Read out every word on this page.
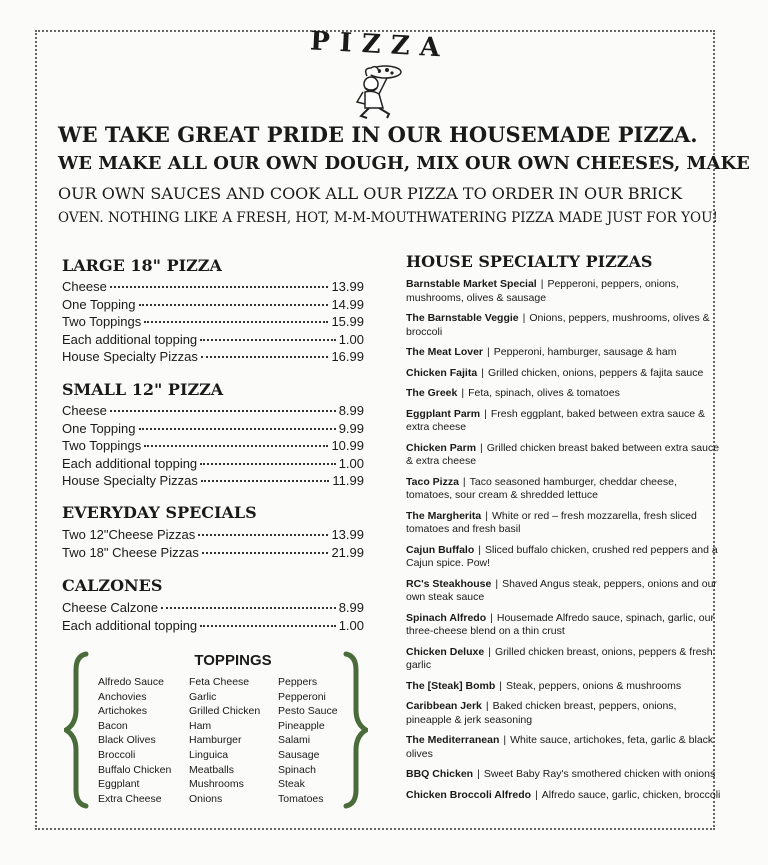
PIZZA
WE TAKE GREAT PRIDE IN OUR HOUSEMADE PIZZA.
WE MAKE ALL OUR OWN DOUGH, MIX OUR OWN CHEESES, MAKE
OUR OWN SAUCES AND COOK ALL OUR PIZZA TO ORDER IN OUR BRICK
OVEN. NOTHING LIKE A FRESH, HOT, M-M-MOUTHWATERING PIZZA MADE JUST FOR YOU!
LARGE 18" PIZZA
Cheese	13.99
One Topping	14.99
Two Toppings	15.99
Each additional topping	1.00
House Specialty Pizzas	16.99
SMALL 12" PIZZA
Cheese	8.99
One Topping	9.99
Two Toppings	10.99
Each additional topping	1.00
House Specialty Pizzas	11.99
EVERYDAY SPECIALS
Two 12"Cheese Pizzas	13.99
Two 18" Cheese Pizzas	21.99
CALZONES
Cheese Calzone	8.99
Each additional topping	1.00
TOPPINGS
Alfredo Sauce
Anchovies
Artichokes
Bacon
Black Olives
Broccoli
Buffalo Chicken
Eggplant
Extra Cheese
Feta Cheese
Garlic
Grilled Chicken
Ham
Hamburger
Linguica
Meatballs
Mushrooms
Onions
Peppers
Pepperoni
Pesto Sauce
Pineapple
Salami
Sausage
Spinach
Steak
Tomatoes
HOUSE SPECIALTY PIZZAS
Barnstable Market Special | Pepperoni, peppers, onions, mushrooms, olives & sausage
The Barnstable Veggie | Onions, peppers, mushrooms, olives & broccoli
The Meat Lover | Pepperoni, hamburger, sausage & ham
Chicken Fajita | Grilled chicken, onions, peppers & fajita sauce
The Greek | Feta, spinach, olives & tomatoes
Eggplant Parm | Fresh eggplant, baked between extra sauce & extra cheese
Chicken Parm | Grilled chicken breast baked between extra sauce & extra cheese
Taco Pizza | Taco seasoned hamburger, cheddar cheese, tomatoes, sour cream & shredded lettuce
The Margherita | White or red – fresh mozzarella, fresh sliced tomatoes and fresh basil
Cajun Buffalo | Sliced buffalo chicken, crushed red peppers and a Cajun spice. Pow!
RC's Steakhouse | Shaved Angus steak, peppers, onions and our own steak sauce
Spinach Alfredo | Housemade Alfredo sauce, spinach, garlic, our three-cheese blend on a thin crust
Chicken Deluxe | Grilled chicken breast, onions, peppers & fresh garlic
The [Steak] Bomb | Steak, peppers, onions & mushrooms
Caribbean Jerk | Baked chicken breast, peppers, onions, pineapple & jerk seasoning
The Mediterranean | White sauce, artichokes, feta, garlic & black olives
BBQ Chicken | Sweet Baby Ray's smothered chicken with onions
Chicken Broccoli Alfredo | Alfredo sauce, garlic, chicken, broccoli
